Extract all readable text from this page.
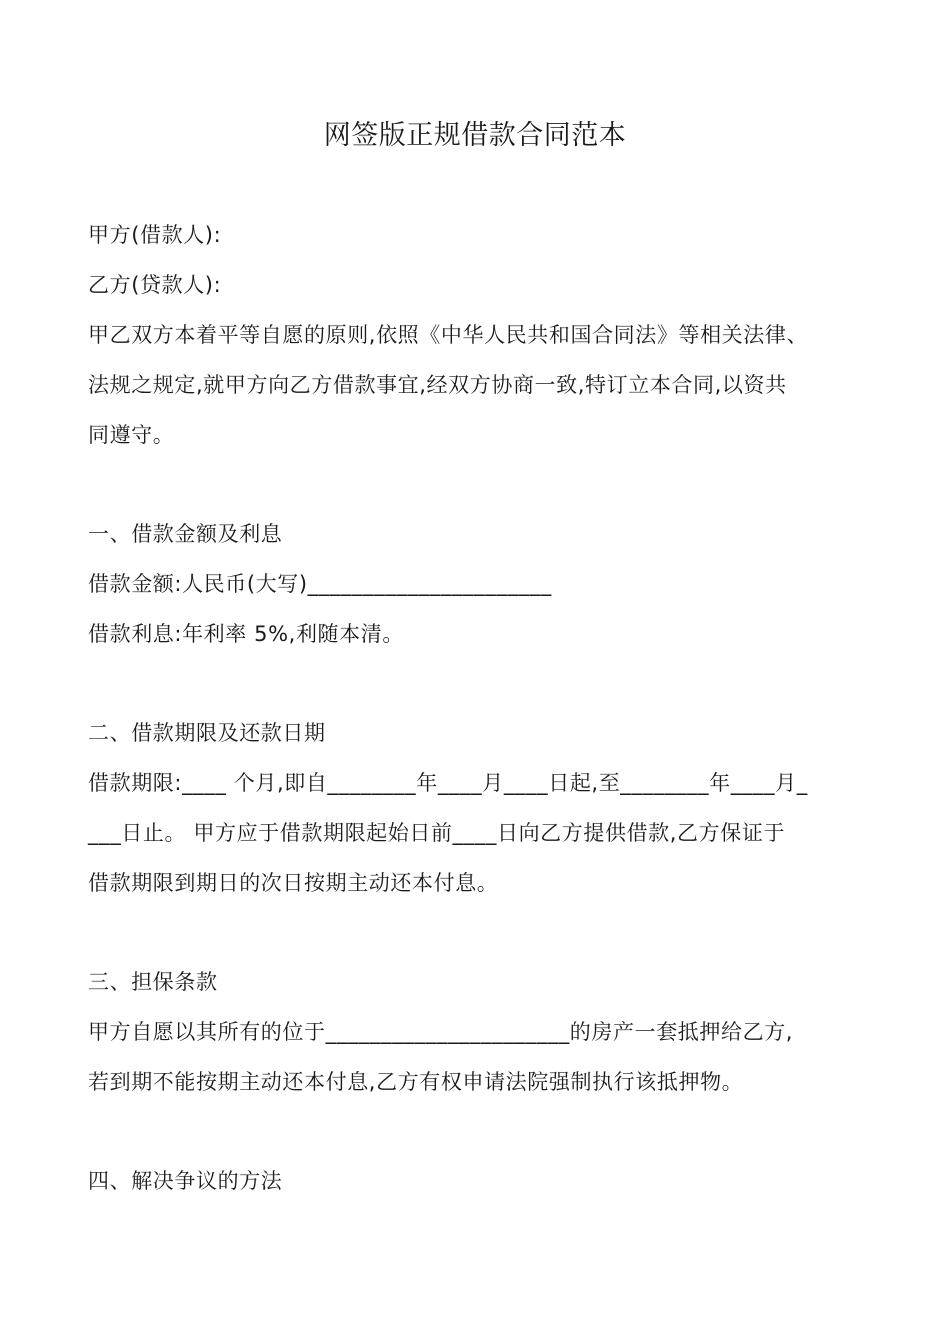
网签版正规借款合同范本
甲方(借款人):
乙方(贷款人):
甲乙双方本着平等自愿的原则,依照《中华人民共和国合同法》等相关法律、
法规之规定,就甲方向乙方借款事宜,经双方协商一致,特订立本合同,以资共
同遵守。
一、借款金额及利息
借款金额:人民币(大写)______________________
借款利息:年利率 5%,利随本清。
二、借款期限及还款日期
借款期限:____ 个月,即自________年____月____日起,至________年____月_
___日止。 甲方应于借款期限起始日前____日向乙方提供借款,乙方保证于
借款期限到期日的次日按期主动还本付息。
三、担保条款
甲方自愿以其所有的位于______________________的房产一套抵押给乙方,
若到期不能按期主动还本付息,乙方有权申请法院强制执行该抵押物。
四、解决争议的方法
